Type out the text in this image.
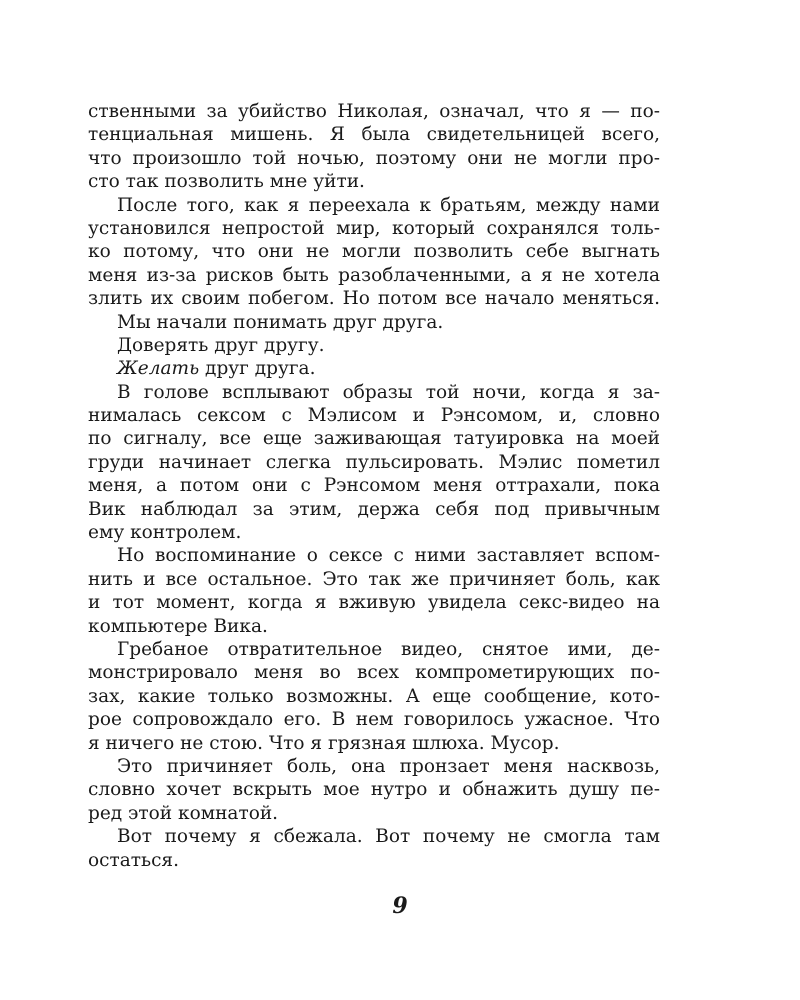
ственными за убийство Николая, означал, что я — по-
тенциальная мишень. Я была свидетельницей всего,
что произошло той ночью, поэтому они не могли про-
сто так позволить мне уйти.
После того, как я переехала к братьям, между нами
установился непростой мир, который сохранялся толь-
ко потому, что они не могли позволить себе выгнать
меня из-за рисков быть разоблаченными, а я не хотела
злить их своим побегом. Но потом все начало меняться.
Мы начали понимать друг друга.
Доверять друг другу.
Желать друг друга.
В голове всплывают образы той ночи, когда я за-
нималась сексом с Мэлисом и Рэнсомом, и, словно
по сигналу, все еще заживающая татуировка на моей
груди начинает слегка пульсировать. Мэлис пометил
меня, а потом они с Рэнсомом меня оттрахали, пока
Вик наблюдал за этим, держа себя под привычным
ему контролем.
Но воспоминание о сексе с ними заставляет вспом-
нить и все остальное. Это так же причиняет боль, как
и тот момент, когда я вживую увидела секс-видео на
компьютере Вика.
Гребаное отвратительное видео, снятое ими, де-
монстрировало меня во всех компрометирующих по-
зах, какие только возможны. А еще сообщение, кото-
рое сопровождало его. В нем говорилось ужасное. Что
я ничего не стою. Что я грязная шлюха. Мусор.
Это причиняет боль, она пронзает меня насквозь,
словно хочет вскрыть мое нутро и обнажить душу пе-
ред этой комнатой.
Вот почему я сбежала. Вот почему не смогла там
остаться.
9
